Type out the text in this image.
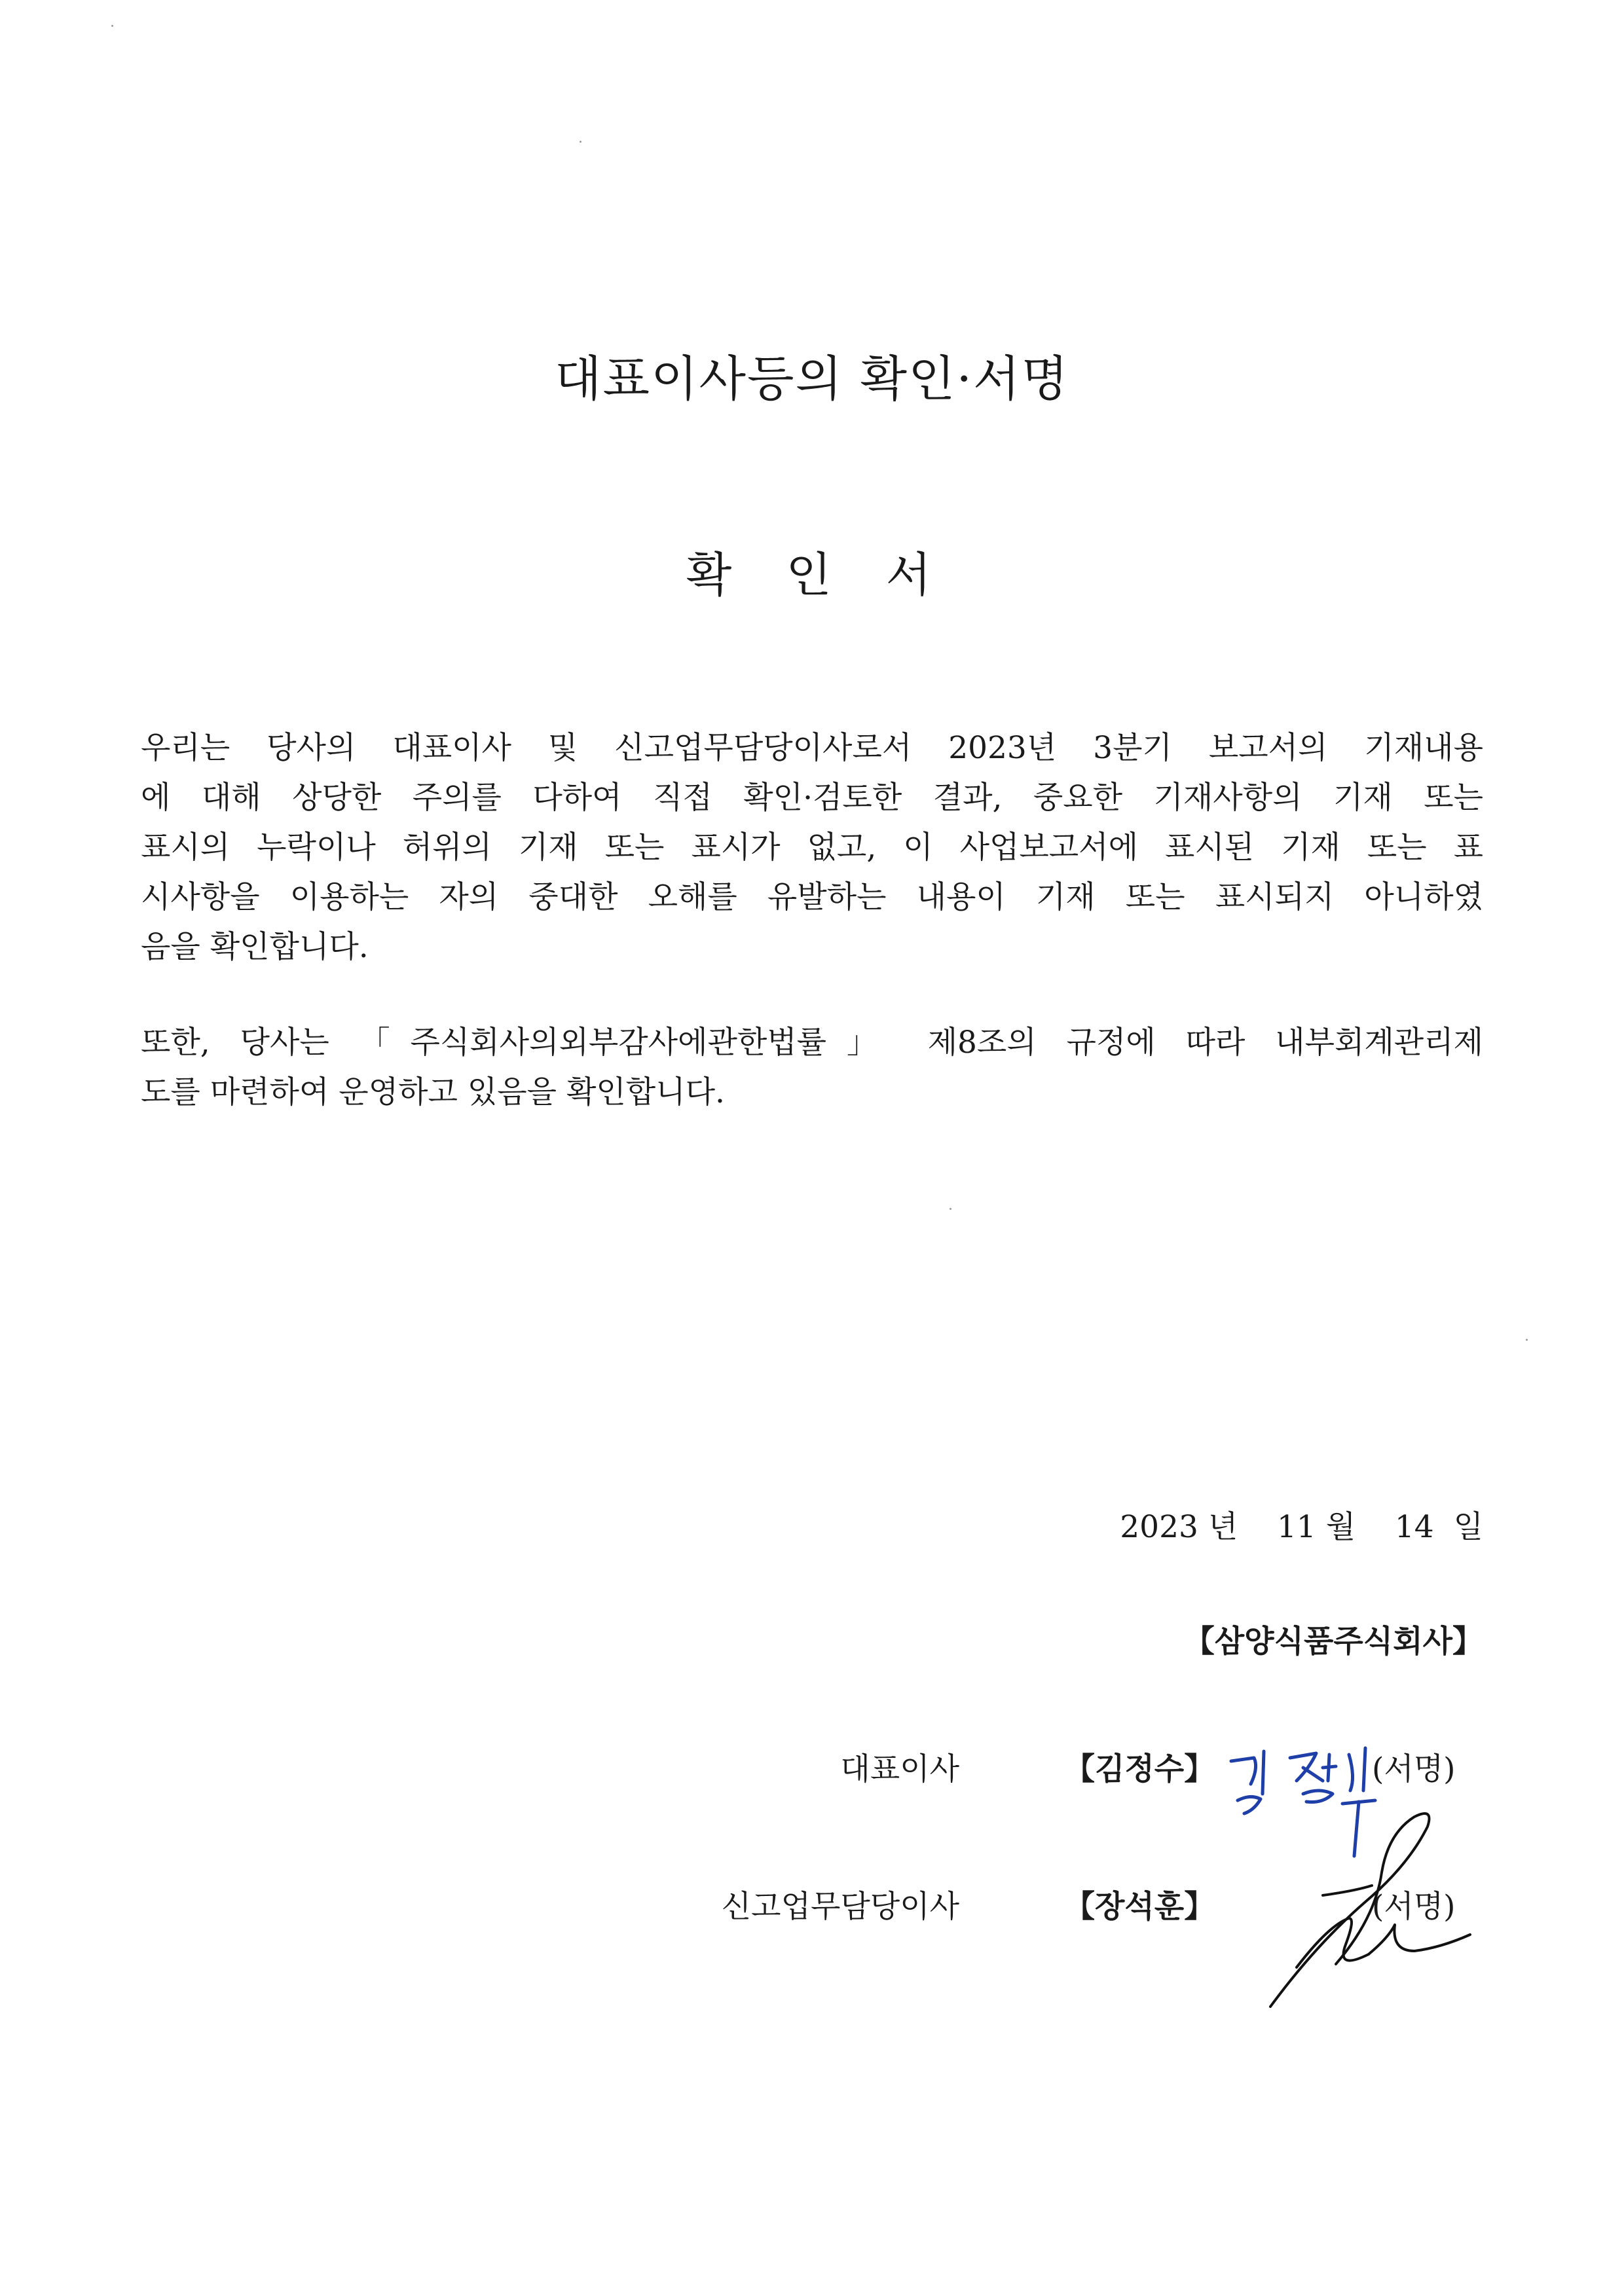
대표이사등의 확인·서명
확 인 서
우리는 당사의 대표이사 및 신고업무담당이사로서 2023년 3분기 보고서의 기재내용
에 대해 상당한 주의를 다하여 직접 확인·검토한 결과, 중요한 기재사항의 기재 또는
표시의 누락이나 허위의 기재 또는 표시가 없고, 이 사업보고서에 표시된 기재 또는 표
시사항을 이용하는 자의 중대한 오해를 유발하는 내용이 기재 또는 표시되지 아니하였
음을 확인합니다.
또한, 당사는 「주식회사의외부감사에관한법률」 제8조의 규정에 따라 내부회계관리제
도를 마련하여 운영하고 있음을 확인합니다.
2023 년    11 월    14  일
【삼양식품주식회사】
대표이사	【김정수】	(서명)
신고업무담당이사	【장석훈】	(서명)
